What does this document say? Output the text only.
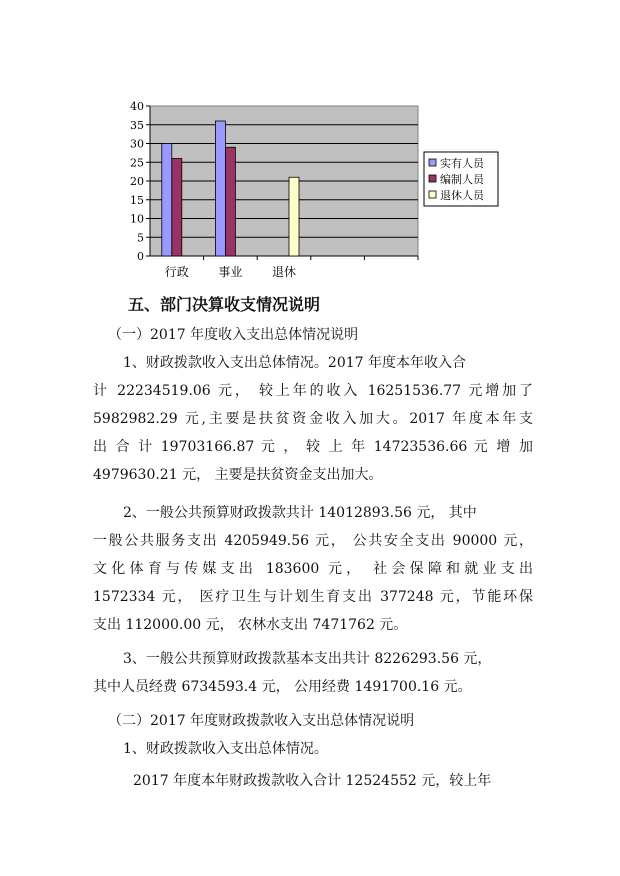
0
5
10
15
20
25
30
35
40
行政 事业 退休
实有人员
编制人员
退休人员
五、部门决算收支情况说明

（一）2017 年度收入支出总体情况说明

1、财政拨款收入支出总体情况。2017 年度本年收入合

计 22234519.06 元， 较上年的收入 16251536.77 元增加了

5982982.29 元,主要是扶贫资金收入加大。2017 年度本年支

出 合 计 19703166.87 元 ， 较 上 年 14723536.66 元 增 加

4979630.21 元， 主要是扶贫资金支出加大。

2、一般公共预算财政拨款共计 14012893.56 元， 其中

一般公共服务支出 4205949.56 元， 公共安全支出 90000 元，

文化体育与传媒支出 183600 元， 社会保障和就业支出

1572334 元， 医疗卫生与计划生育支出 377248 元，节能环保

支出 112000.00 元， 农林水支出 7471762 元。

3、一般公共预算财政拨款基本支出共计 8226293.56 元，

其中人员经费 6734593.4 元， 公用经费 1491700.16 元。

（二）2017 年度财政拨款收入支出总体情况说明

1、财政拨款收入支出总体情况。

2017 年度本年财政拨款收入合计 12524552 元，较上年
